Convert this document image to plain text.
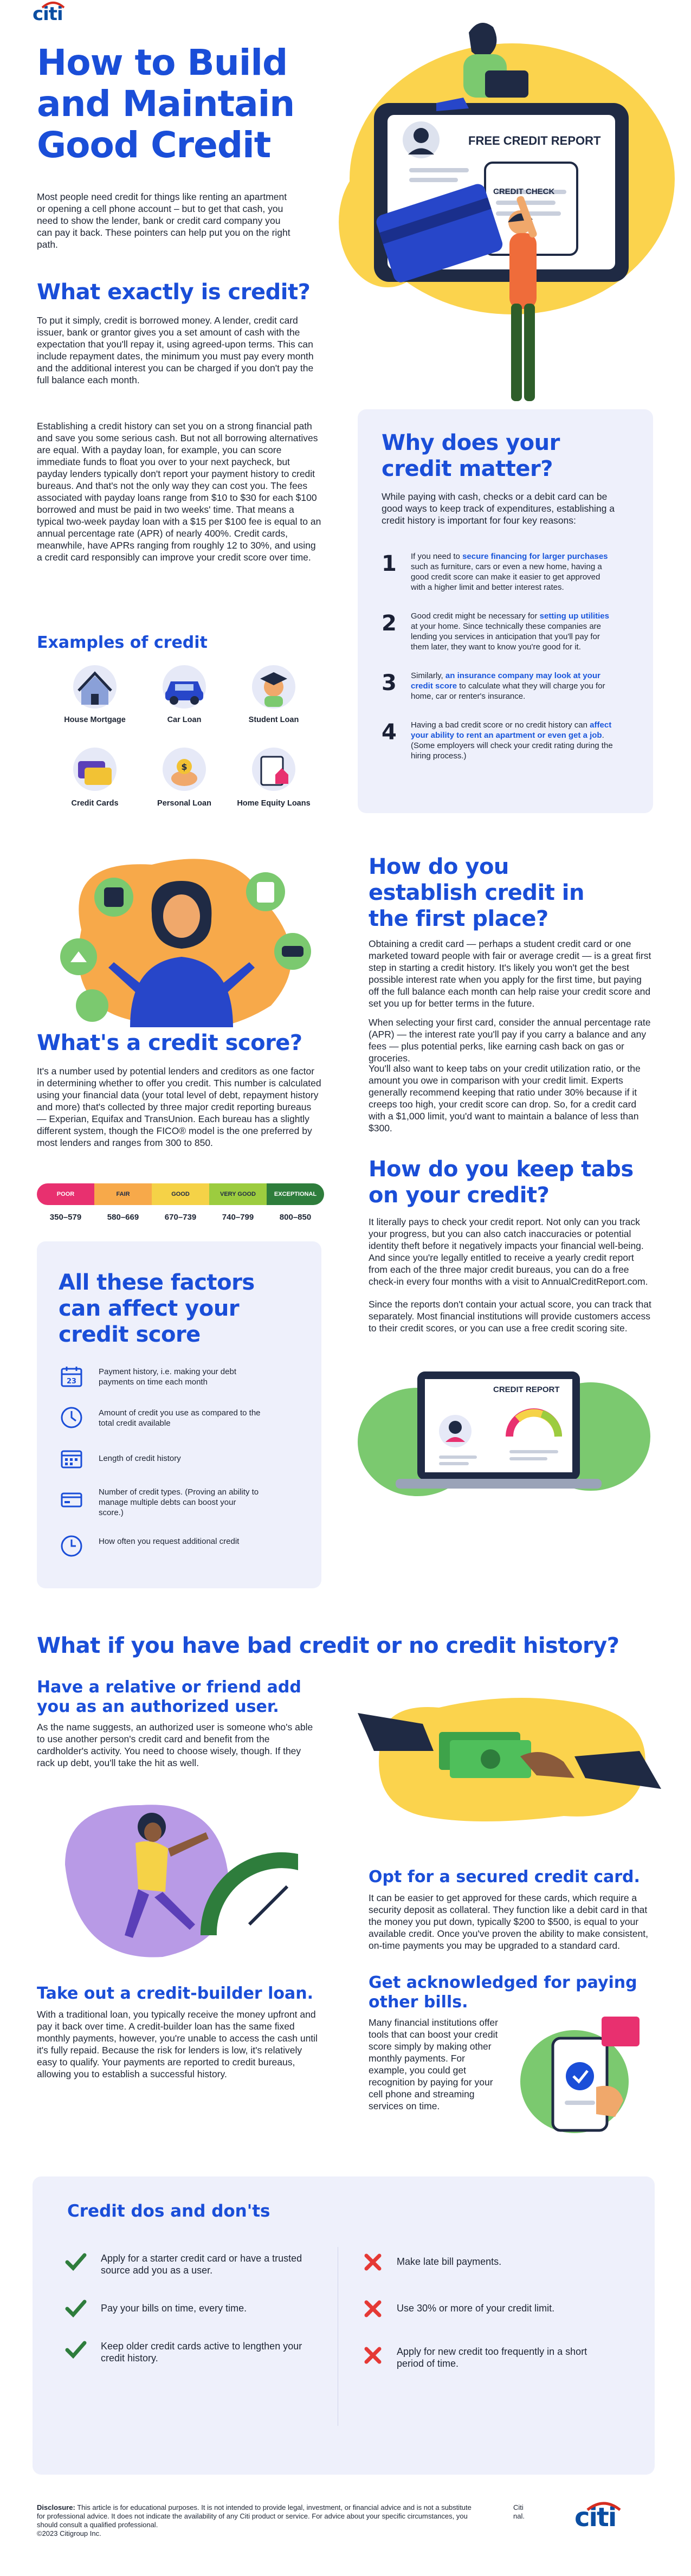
citi
How to Build
and Maintain
Good Credit

Most people need credit for things like renting an apartment or opening a cell phone account – but to get that cash, you need to show the lender, bank or credit card company you can pay it back. These pointers can help put you on the right path.

FREE CREDIT REPORT
CREDIT CHECK
What exactly is credit?

To put it simply, credit is borrowed money. A lender, credit card issuer, bank or grantor gives you a set amount of cash with the expectation that you'll repay it, using agreed-upon terms. This can include repayment dates, the minimum you must pay every month and the additional interest you can be charged if you don't pay the full balance each month.

Establishing a credit history can set you on a strong financial path and save you some serious cash. But not all borrowing alternatives are equal. With a payday loan, for example, you can score immediate funds to float you over to your next paycheck, but payday lenders typically don't report your payment history to credit bureaus. And that's not the only way they can cost you. The fees associated with payday loans range from $10 to $30 for each $100 borrowed and must be paid in two weeks' time. That means a typical two-week payday loan with a $15 per $100 fee is equal to an annual percentage rate (APR) of nearly 400%. Credit cards, meanwhile, have APRs ranging from roughly 12 to 30%, and using a credit card responsibly can improve your credit score over time.

Examples of credit
House Mortgage	Car Loan	Student Loan
Credit Cards
$
Personal Loan	Home Equity Loans
Why does your
credit matter?

While paying with cash, checks or a debit card can be good ways to keep track of expenditures, establishing a credit history is important for four key reasons:

1 If you need to secure financing for larger purchases such as furniture, cars or even a new home, having a good credit score can make it easier to get approved with a higher limit and better interest rates.
2 Good credit might be necessary for setting up utilities at your home. Since technically these companies are lending you services in anticipation that you'll pay for them later, they want to know you're good for it.
3 Similarly, an insurance company may look at your credit score to calculate what they will charge you for home, car or renter's insurance.
4 Having a bad credit score or no credit history can affect your ability to rent an apartment or even get a job. (Some employers will check your credit rating during the hiring process.)
How do you
establish credit in
the first place?

Obtaining a credit card — perhaps a student credit card or one marketed toward people with fair or average credit — is a great first step in starting a credit history. It's likely you won't get the best possible interest rate when you apply for the first time, but paying off the full balance each month can help raise your credit score and set you up for better terms in the future.

When selecting your first card, consider the annual percentage rate (APR) — the interest rate you'll pay if you carry a balance and any fees — plus potential perks, like earning cash back on gas or groceries.

You'll also want to keep tabs on your credit utilization ratio, or the amount you owe in comparison with your credit limit. Experts generally recommend keeping that ratio under 30% because if it creeps too high, your credit score can drop. So, for a credit card with a $1,000 limit, you'd want to maintain a balance of less than $300.

What's a credit score?

It's a number used by potential lenders and creditors as one factor in determining whether to offer you credit. This number is calculated using your financial data (your total level of debt, repayment history and more) that's collected by three major credit reporting bureaus — Experian, Equifax and TransUnion. Each bureau has a slightly different system, though the FICO® model is the one preferred by most lenders and ranges from 300 to 850.

POOR	FAIR	GOOD	VERY GOOD	EXCEPTIONAL
350–579	580–669	670–739	740–799	800–850
How do you keep tabs
on your credit?

It literally pays to check your credit report. Not only can you track your progress, but you can also catch inaccuracies or potential identity theft before it negatively impacts your financial well-being. And since you're legally entitled to receive a yearly credit report from each of the three major credit bureaus, you can do a free check-in every four months with a visit to AnnualCreditReport.com.

Since the reports don't contain your actual score, you can track that separately. Most financial institutions will provide customers access to their credit scores, or you can use a free credit scoring site.

CREDIT REPORT
All these factors
can affect your
credit score
23
Payment history, i.e. making your debt payments on time each month
Amount of credit you use as compared to the total credit available
Length of credit history
Number of credit types. (Proving an ability to manage multiple debts can boost your score.)
How often you request additional credit
What if you have bad credit or no credit history?
Have a relative or friend add
you as an authorized user.

As the name suggests, an authorized user is someone who's able to use another person's credit card and benefit from the cardholder's activity. You need to choose wisely, though. If they rack up debt, you'll take the hit as well.

Opt for a secured credit card.

It can be easier to get approved for these cards, which require a security deposit as collateral. They function like a debit card in that the money you put down, typically $200 to $500, is equal to your available credit. Once you've proven the ability to make consistent, on-time payments you may be upgraded to a standard card.

Get acknowledged for paying
other bills.

Many financial institutions offer tools that can boost your credit score simply by making other monthly payments. For example, you could get recognition by paying for your cell phone and streaming services on time.

Take out a credit-builder loan.

With a traditional loan, you typically receive the money upfront and pay it back over time. A credit-builder loan has the same fixed monthly payments, however, you're unable to access the cash until it's fully repaid. Because the risk for lenders is low, it's relatively easy to qualify. Your payments are reported to credit bureaus, allowing you to establish a successful history.

Credit dos and don'ts
Apply for a starter credit card or have a trusted source add you as a user.
Pay your bills on time, every time.
Keep older credit cards active to lengthen your credit history.
Make late bill payments.
Use 30% or more of your credit limit.
Apply for new credit too frequently in a short period of time.
Disclosure: This article is for educational purposes. It is not intended to provide legal, investment, or financial advice and is not a substitute for professional advice. It does not indicate the availability of any Citi product or service. For advice about your specific circumstances, you should consult a qualified professional.
©2023 Citigroup Inc.
Citi
nal. citi
